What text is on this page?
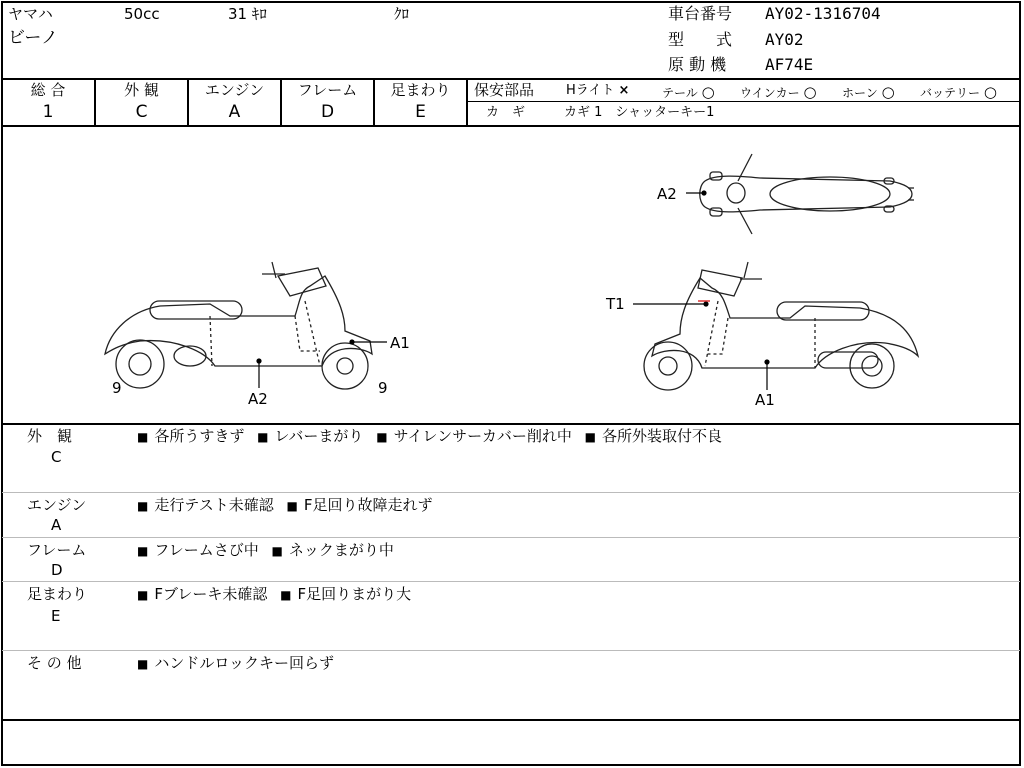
ヤマハ	50cc	31 ｷﾛ	ｸﾛ
ビーノ
車台番号 AY02-1316704
型　　式 AY02
原 動 機 AF74E
総 合
1
外 観
C
エンジン
A
フレーム
D
足まわり
E
保安部品 Hライト ×	テール ○ ウインカー ○ ホーン ○ バッテリー ○
カ　ギ	カギ 1　シャッターキー1
A1
A2
9	9
A1
T1
A2
外　観
C
■ 各所うすきず ■ レバーまがり ■ サイレンサーカバー削れ中 ■ 各所外装取付不良
エンジン
A
■ 走行テスト未確認 ■ F足回り故障走れず
フレーム
D
■ フレームさび中 ■ ネックまがり中
足まわり
E
■ Fブレーキ未確認 ■ F足回りまがり大
そ の 他	■ ハンドルロックキー回らず
